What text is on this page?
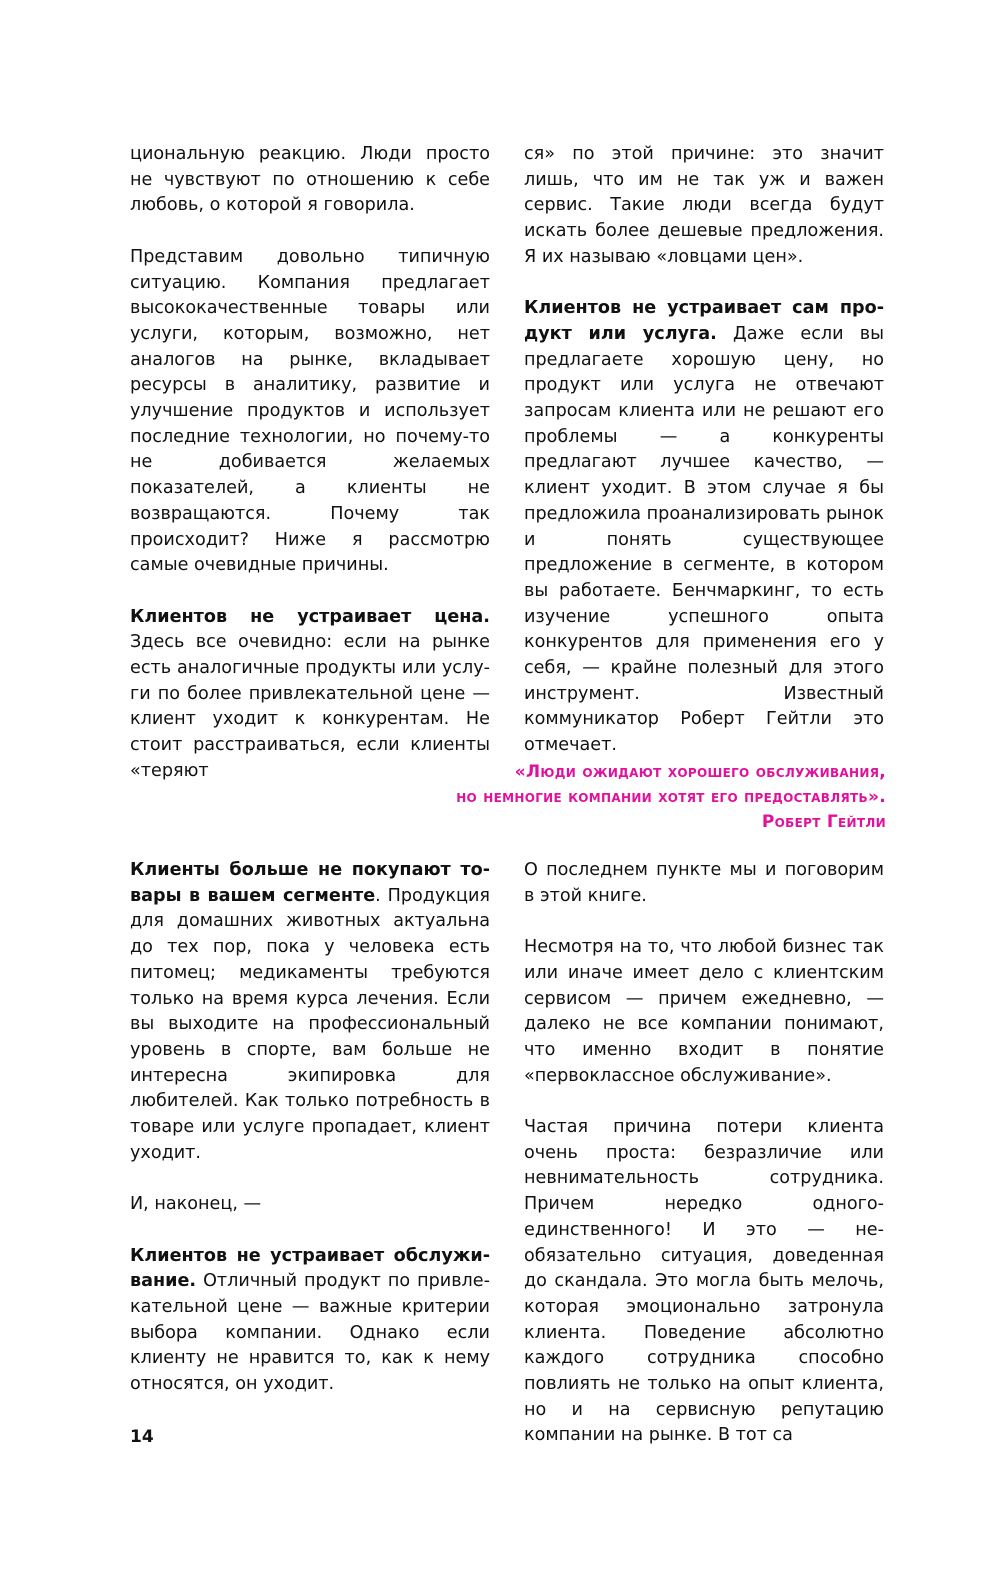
циональную реакцию. Люди просто не чувствуют по отношению к себе любовь, о которой я говорила.

Представим довольно типичную ситуацию. Компания предлагает высококачественные товары или услуги, которым, возможно, нет аналогов на рынке, вкладывает ресурсы в аналитику, развитие и улучшение продуктов и использует последние технологии, но почему-то не добивается желаемых показателей, а клиенты не возвращаются. Почему так происходит? Ниже я рассмотрю самые очевидные причины.

Клиентов не устраивает цена. Здесь все очевидно: если на рынке есть аналогичные продукты или услуги по более привлекательной цене — клиент уходит к конкурентам. Не стоит расстраиваться, если клиенты «теряют

ся» по этой причине: это значит лишь, что им не так уж и важен сервис. Такие люди всегда будут искать более дешевые предложения. Я их называю «ловцами цен».

Клиентов не устраивает сам продукт или услуга. Даже если вы предлагаете хорошую цену, но продукт или услуга не отвечают запросам клиента или не решают его проблемы — а конкуренты предлагают лучшее качество, — клиент уходит. В этом случае я бы предложила проанализировать рынок и понять существующее предложение в сегменте, в котором вы работаете. Бенчмаркинг, то есть изучение успешного опыта конкурентов для применения его у себя, — крайне полезный для этого инструмент. Известный коммуникатор Роберт Гейтли это отмечает.

«Люди ожидают хорошего обслуживания,
но немногие компании хотят его предоставлять».
Роберт Гейтли

Клиенты больше не покупают товары в вашем сегменте. Продукция для домашних животных актуальна до тех пор, пока у человека есть питомец; медикаменты требуются только на время курса лечения. Если вы выходите на профессиональный уровень в спорте, вам больше не интересна экипировка для любителей. Как только потребность в товаре или услуге пропадает, клиент уходит.

И, наконец, —

Клиентов не устраивает обслуживание. Отличный продукт по привлекательной цене — важные критерии выбора компании. Однако если клиенту не нравится то, как к нему относятся, он уходит.

О последнем пункте мы и поговорим в этой книге.

Несмотря на то, что любой бизнес так или иначе имеет дело с клиентским сервисом — причем ежедневно, — далеко не все компании понимают, что именно входит в понятие «первоклассное обслуживание».

Частая причина потери клиента очень проста: безразличие или невнимательность сотрудника. Причем нередко одного-единственного! И это — необязательно ситуация, доведенная до скандала. Это могла быть мелочь, которая эмоционально затронула клиента. Поведение абсолютно каждого сотрудника способно повлиять не только на опыт клиента, но и на сервисную репутацию компании на рынке. В тот са

14
